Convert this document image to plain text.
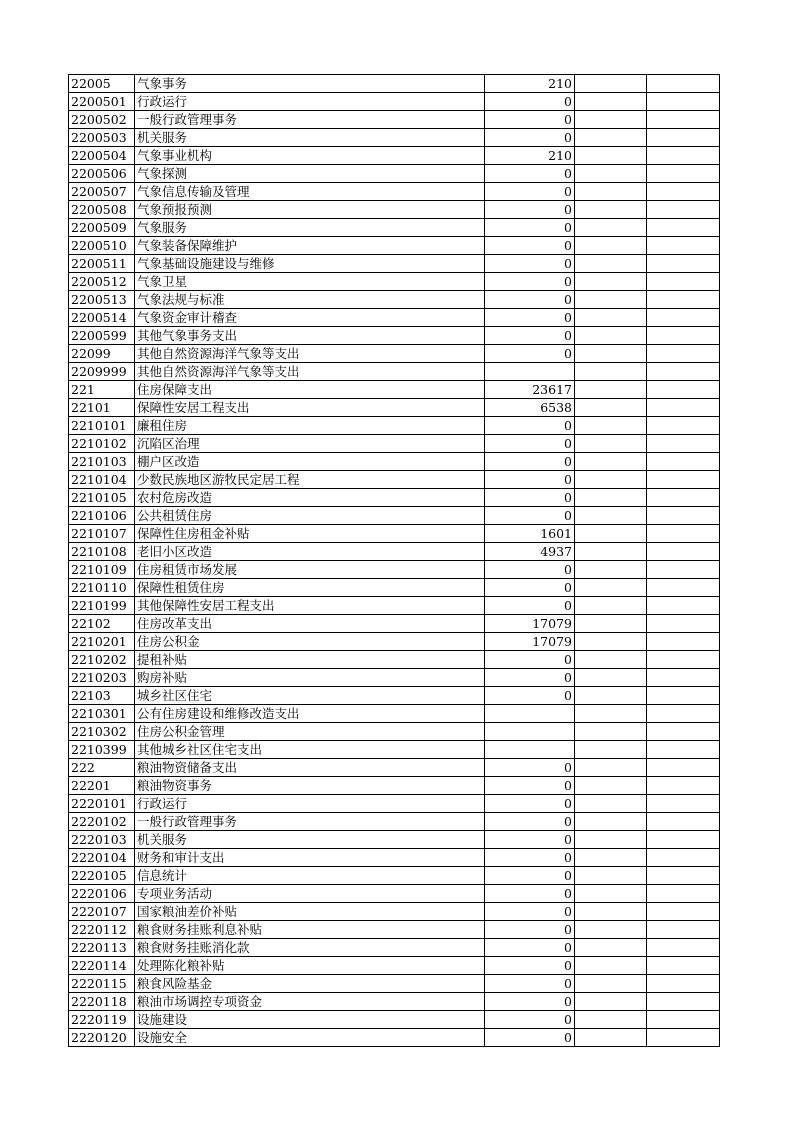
22005	气象事务	210		
2200501	行政运行	0		
2200502	一般行政管理事务	0		
2200503	机关服务	0		
2200504	气象事业机构	210		
2200506	气象探测	0		
2200507	气象信息传输及管理	0		
2200508	气象预报预测	0		
2200509	气象服务	0		
2200510	气象装备保障维护	0		
2200511	气象基础设施建设与维修	0		
2200512	气象卫星	0		
2200513	气象法规与标准	0		
2200514	气象资金审计稽查	0		
2200599	其他气象事务支出	0		
22099	其他自然资源海洋气象等支出	0		
2209999	其他自然资源海洋气象等支出			
221	住房保障支出	23617		
22101	保障性安居工程支出	6538		
2210101	廉租住房	0		
2210102	沉陷区治理	0		
2210103	棚户区改造	0		
2210104	少数民族地区游牧民定居工程	0		
2210105	农村危房改造	0		
2210106	公共租赁住房	0		
2210107	保障性住房租金补贴	1601		
2210108	老旧小区改造	4937		
2210109	住房租赁市场发展	0		
2210110	保障性租赁住房	0		
2210199	其他保障性安居工程支出	0		
22102	住房改革支出	17079		
2210201	住房公积金	17079		
2210202	提租补贴	0		
2210203	购房补贴	0		
22103	城乡社区住宅	0		
2210301	公有住房建设和维修改造支出			
2210302	住房公积金管理			
2210399	其他城乡社区住宅支出			
222	粮油物资储备支出	0		
22201	粮油物资事务	0		
2220101	行政运行	0		
2220102	一般行政管理事务	0		
2220103	机关服务	0		
2220104	财务和审计支出	0		
2220105	信息统计	0		
2220106	专项业务活动	0		
2220107	国家粮油差价补贴	0		
2220112	粮食财务挂账利息补贴	0		
2220113	粮食财务挂账消化款	0		
2220114	处理陈化粮补贴	0		
2220115	粮食风险基金	0		
2220118	粮油市场调控专项资金	0		
2220119	设施建设	0		
2220120	设施安全	0		
